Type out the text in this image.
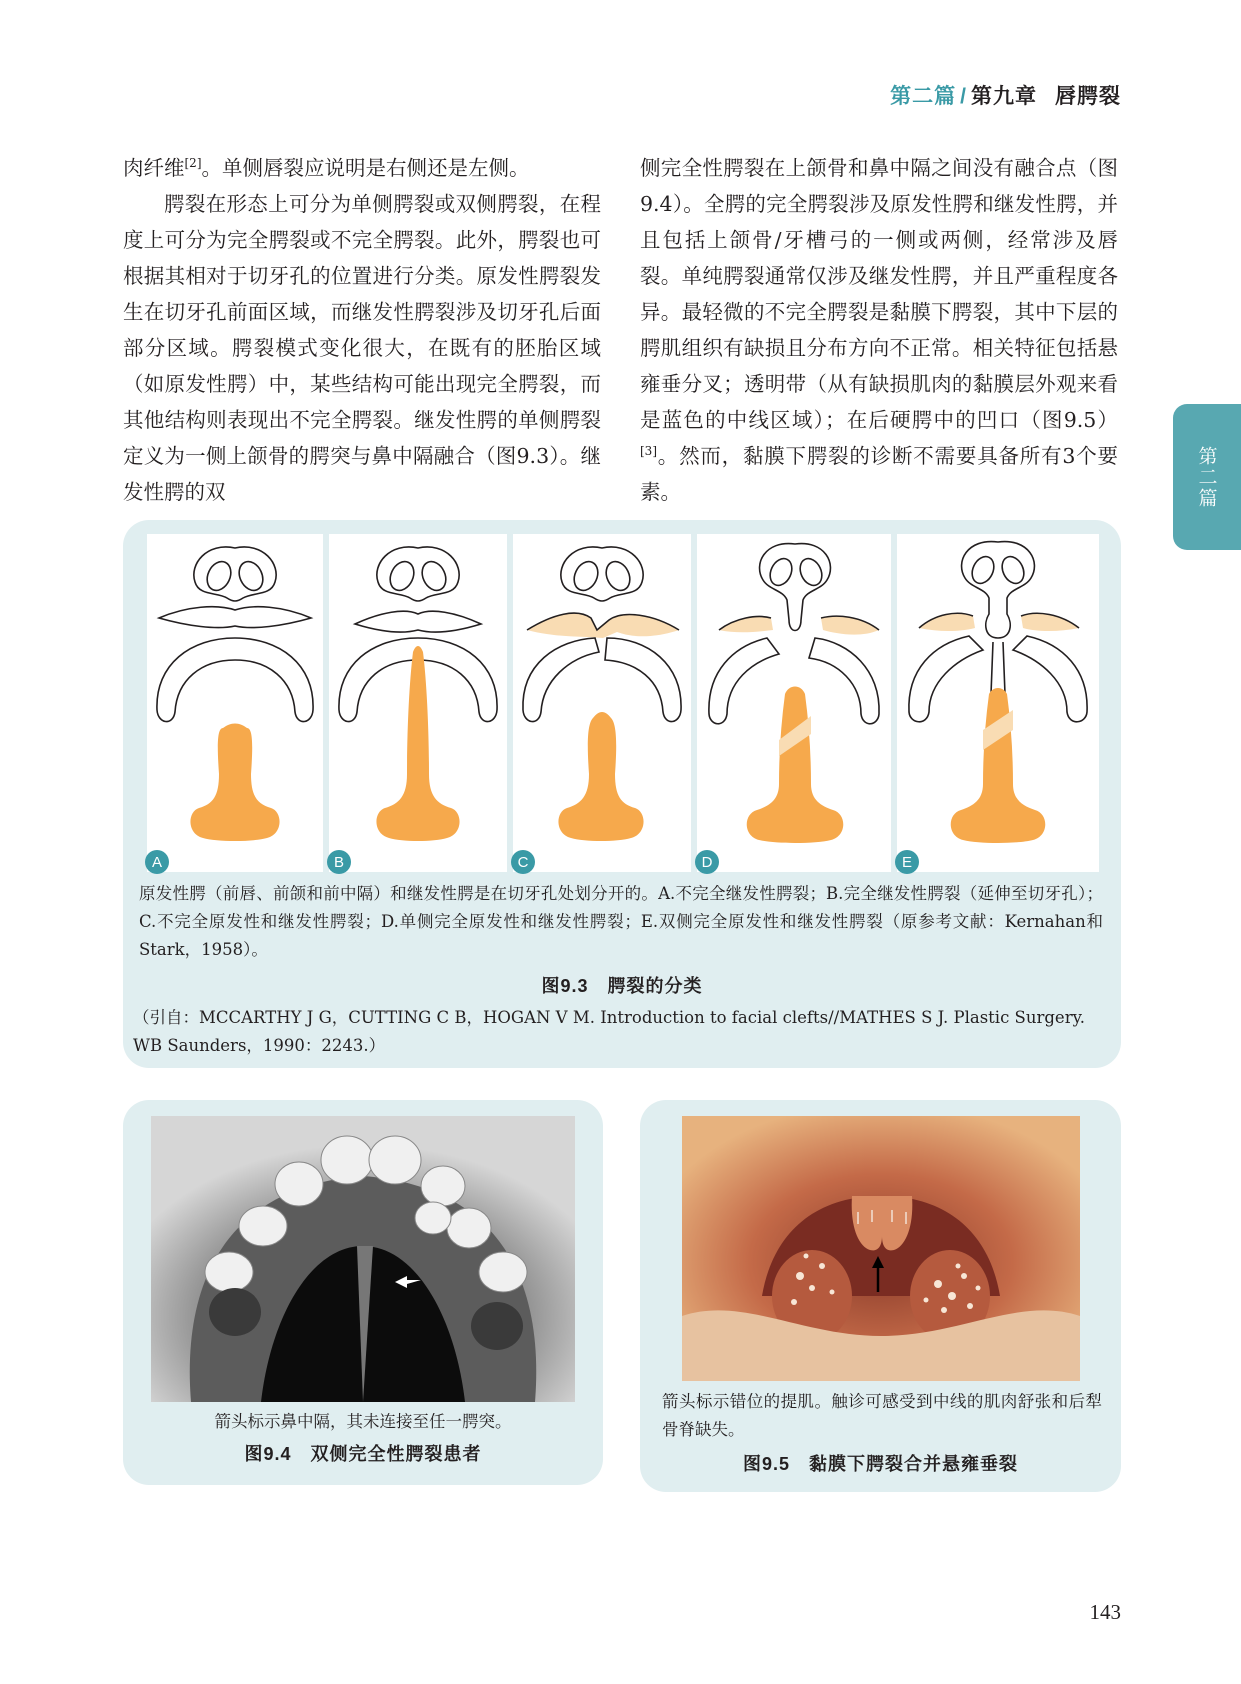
第二篇 / 第九章 唇腭裂
第二篇

肉纤维[2]。单侧唇裂应说明是右侧还是左侧。

腭裂在形态上可分为单侧腭裂或双侧腭裂，在程度上可分为完全腭裂或不完全腭裂。此外，腭裂也可根据其相对于切牙孔的位置进行分类。原发性腭裂发生在切牙孔前面区域，而继发性腭裂涉及切牙孔后面部分区域。腭裂模式变化很大，在既有的胚胎区域（如原发性腭）中，某些结构可能出现完全腭裂，而其他结构则表现出不完全腭裂。继发性腭的单侧腭裂定义为一侧上颌骨的腭突与鼻中隔融合（图9.3）。继发性腭的双

侧完全性腭裂在上颌骨和鼻中隔之间没有融合点（图9.4）。全腭的完全腭裂涉及原发性腭和继发性腭，并且包括上颌骨/牙槽弓的一侧或两侧，经常涉及唇裂。单纯腭裂通常仅涉及继发性腭，并且严重程度各异。最轻微的不完全腭裂是黏膜下腭裂，其中下层的腭肌组织有缺损且分布方向不正常。相关特征包括悬雍垂分叉；透明带（从有缺损肌肉的黏膜层外观来看是蓝色的中线区域）；在后硬腭中的凹口（图9.5）[3]。然而，黏膜下腭裂的诊断不需要具备所有3个要素。

A	B	C	D	E
原发性腭（前唇、前颌和前中隔）和继发性腭是在切牙孔处划分开的。A.不完全继发性腭裂；B.完全继发性腭裂（延伸至切牙孔）；C.不完全原发性和继发性腭裂；D.单侧完全原发性和继发性腭裂；E.双侧完全原发性和继发性腭裂（原参考文献：Kernahan和Stark，1958）。
图9.3　腭裂的分类
（引自：MCCARTHY J G，CUTTING C B，HOGAN V M. Introduction to facial clefts//MATHES S J. Plastic Surgery. WB Saunders，1990：2243.）
箭头标示鼻中隔，其未连接至任一腭突。
图9.4　双侧完全性腭裂患者
箭头标示错位的提肌。触诊可感受到中线的肌肉舒张和后犁骨脊缺失。
图9.5　黏膜下腭裂合并悬雍垂裂
143
